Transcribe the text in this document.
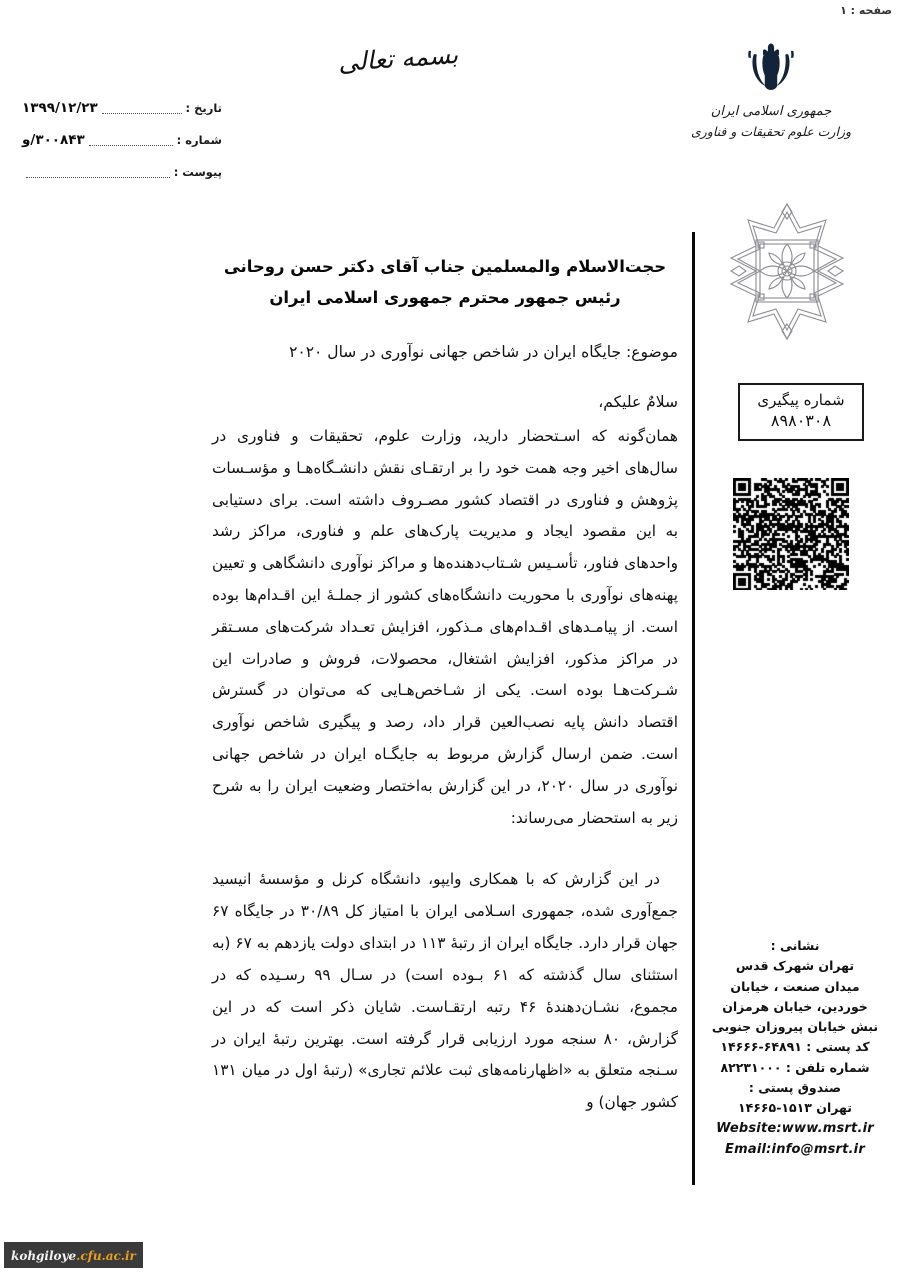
صفحه : ۱
بسمه تعالی
جمهوری اسلامی ایران
وزارت علوم تحقیقات و فناوری
تاریخ :
۱۳۹۹/۱۲/۲۳
شماره :
۳۰۰۸۴۳/و
پیوست :
شماره پیگیری
۸۹۸۰۳۰۸
حجت‌الاسلام والمسلمین جناب آقای دکتر حسن روحانی
رئیس جمهور محترم جمهوری اسلامی ایران
موضوع: جایگاه ایران در شاخص جهانی نوآوری در سال ۲۰۲۰
سلامٌ علیکم،

همان‌گونه که اسـتحضار دارید، وزارت علوم، تحقیقات و فناوری در سال‌های اخیر وجه همت خود را بر ارتقـای نقش دانشـگاه‌هـا و مؤسـسات پژوهش و فناوری در اقتصاد کشور مصـروف داشته است. برای دستیابی به این مقصود ایجاد و مدیریت پارک‌های علم و فناوری، مراکز رشد واحدهای فناور، تأسـیس شـتاب‌دهنده‌ها و مراکز نوآوری دانشگاهی و تعیین پهنه‌های نوآوری با محوریت دانشگاه‌های کشور از جملـهٔ این اقـدام‌ها بوده است. از پیامـدهای اقـدام‌های مـذکور، افزایش تعـداد شرکت‌های مسـتقر در مراکز مذکور، افزایش اشتغال، محصولات، فروش و صادرات این شـرکت‌هـا بوده است. یکی از شـاخص‌هـایی که می‌توان در گسترش اقتصاد دانش پایه نصب‌العین قرار داد، رصد و پیگیری شاخص نوآوری است. ضمن ارسال گزارش مربوط به جایگـاه ایران در شاخص جهانی نوآوری در سال ۲۰۲۰، در این گزارش به‌اختصار وضعیت ایران را به شرح زیر به استحضار می‌رساند:

در این گزارش که با همکاری وایپو، دانشگاه کرنل و مؤسسهٔ انیسید جمع‌آوری شده، جمهوری اسـلامی ایران با امتیاز کل ۳۰/۸۹ در جایگاه ۶۷ جهان قرار دارد. جایگاه ایران از رتبهٔ ۱۱۳ در ابتدای دولت یازدهم به ۶۷ (به استثنای سال گذشته که ۶۱ بـوده است) در سـال ۹۹ رسـیده که در مجموع، نشـان‌دهندهٔ ۴۶ رتبه ارتقـاست. شایان ذکر است که در این گزارش، ۸۰ سنجه مورد ارزیابی قرار گرفته است. بهترین رتبهٔ ایران در سـنجه متعلق به «اظهارنامه‌های ثبت علائم تجاری» (رتبهٔ اول در میان ۱۳۱ کشور جهان) و

نشانی :
تهران شهرک قدس
میدان صنعت ، خیابان
خوردین، خیابان هرمزان
نبش خیابان پیروزان جنوبی
کد پستی : ۶۴۸۹۱-۱۴۶۶۶
شماره تلفن : ۸۲۲۳۱۰۰۰
صندوق پستی :
تهران ۱۵۱۳-۱۴۶۶۵
Website:www.msrt.ir
Email:info@msrt.ir
kohgiloye.cfu.ac.ir
